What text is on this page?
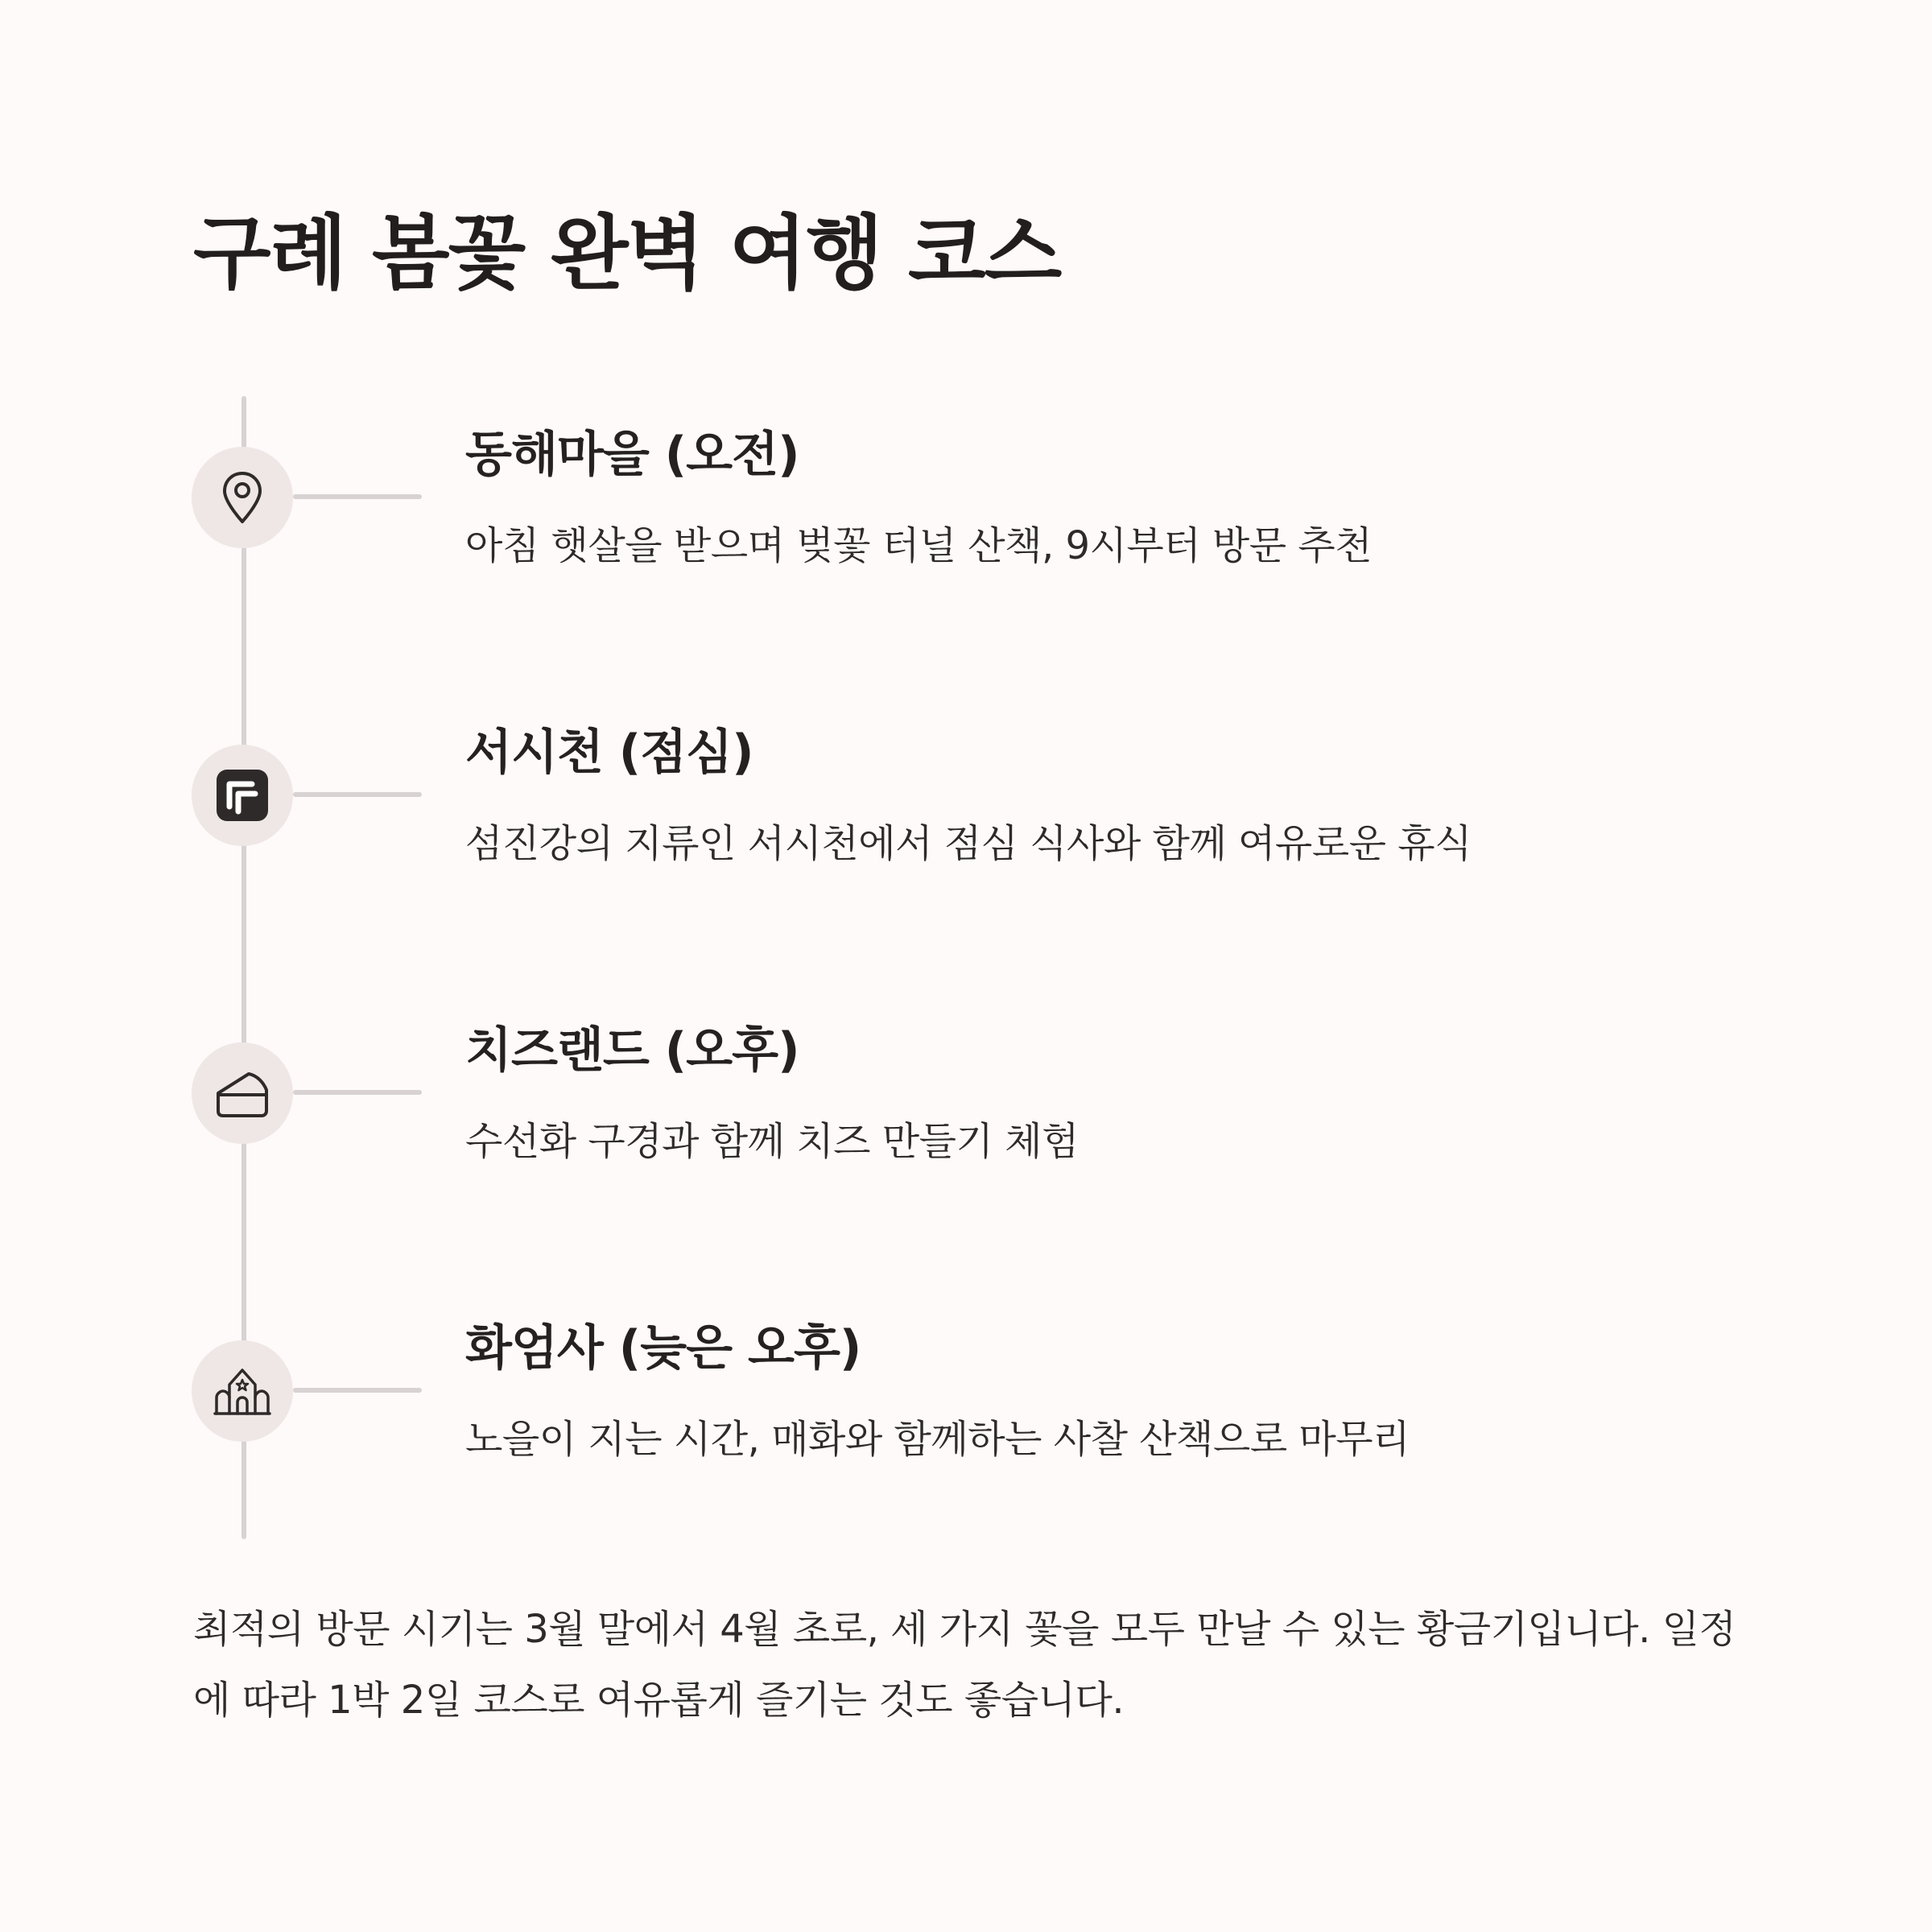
구례 봄꽃 완벽 여행 코스
동해마을 (오전)

아침 햇살을 받으며 벚꽃 터널 산책, 9시부터 방문 추천

서시천 (점심)

섬진강의 지류인 서시천에서 점심 식사와 함께 여유로운 휴식

치즈랜드 (오후)

수선화 구경과 함께 치즈 만들기 체험

화엄사 (늦은 오후)

노을이 지는 시간, 매화와 함께하는 사찰 산책으로 마무리

최적의 방문 시기는 3월 말에서 4월 초로, 세 가지 꽃을 모두 만날 수 있는 황금기입니다. 일정에 따라 1박 2일 코스로 여유롭게 즐기는 것도 좋습니다.
